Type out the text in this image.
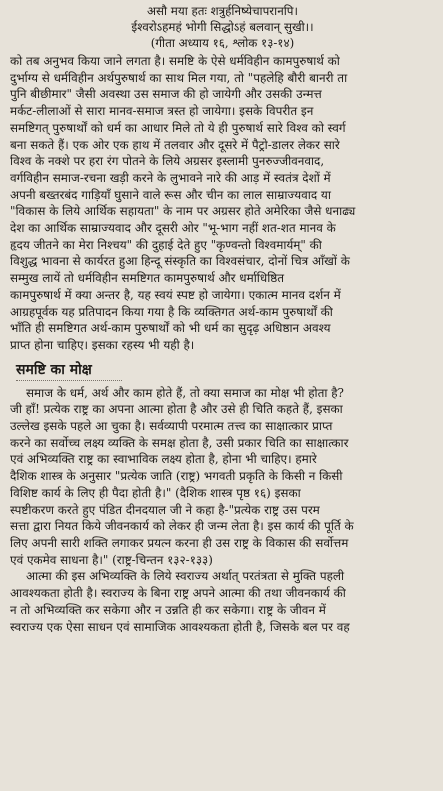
असौ मया हतः शत्रुर्हनिष्येचापरानपि।
ईश्वरोऽहमहं भोगी सिद्धोऽहं बलवान् सुखी।।
(गीता अध्याय १६, श्लोक १३-१४)

को तब अनुभव किया जाने लगता है। समष्टि के ऐसे धर्मविहीन कामपुरुषार्थ को
दुर्भाग्य से धर्मविहीन अर्थपुरुषार्थ का साथ मिल गया, तो "पहलेहि बौरी बानरी ता
पुनि बीछीमार" जैसी अवस्था उस समाज की हो जायेगी और उसकी उन्मत्त
मर्कट-लीलाओं से सारा मानव-समाज त्रस्त हो जायेगा। इसके विपरीत इन
समष्टिगत् पुरुषार्थों को धर्म का आधार मिले तो ये ही पुरुषार्थ सारे विश्व को स्वर्ग
बना सकते हैं। एक ओर एक हाथ में तलवार और दूसरे में पैट्रो-डालर लेकर सारे
विश्व के नक्शे पर हरा रंग पोतने के लिये अग्रसर इस्लामी पुनरुज्जीवनवाद,
वर्गविहीन समाज-रचना खड़ी करने के लुभावने नारे की आड़ में स्वतंत्र देशों में
अपनी बख्तरबंद गाड़ियाँ घुसाने वाले रूस और चीन का लाल साम्राज्यवाद या
"विकास के लिये आर्थिक सहायता" के नाम पर अग्रसर होते अमेरिका जैसे धनाढ्य
देश का आर्थिक साम्राज्यवाद और दूसरी ओर "भू-भाग नहीं शत-शत मानव के
हृदय जीतने का मेरा निश्चय" की दुहाई देते हुए "कृण्वन्तो विश्वमार्यम्" की
विशुद्ध भावना से कार्यरत हुआ हिन्दू संस्कृति का विश्वसंचार, दोनों चित्र आँखों के
सम्मुख लायें तो धर्मविहीन समष्टिगत कामपुरुषार्थ और धर्माधिष्ठित
कामपुरुषार्थ में क्या अन्तर है, यह स्वयं स्पष्ट हो जायेगा। एकात्म मानव दर्शन में
आग्रहपूर्वक यह प्रतिपादन किया गया है कि व्यक्तिगत अर्थ-काम पुरुषार्थों की
भाँति ही समष्टिगत अर्थ-काम पुरुषार्थों को भी धर्म का सुदृढ़ अधिष्ठान अवश्य
प्राप्त होना चाहिए। इसका रहस्य भी यही है।

समष्टि का मोक्ष

समाज के धर्म, अर्थ और काम होते हैं, तो क्या समाज का मोक्ष भी होता है?
जी हाँ! प्रत्येक राष्ट्र का अपना आत्मा होता है और उसे ही चिति कहते हैं, इसका
उल्लेख इसके पहले आ चुका है। सर्वव्यापी परमात्म तत्त्व का साक्षात्कार प्राप्त
करने का सर्वोच्च लक्ष्य व्यक्ति के समक्ष होता है, उसी प्रकार चिति का साक्षात्कार
एवं अभिव्यक्ति राष्ट्र का स्वाभाविक लक्ष्य होता है, होना भी चाहिए। हमारे
दैशिक शास्त्र के अनुसार "प्रत्येक जाति (राष्ट्र) भगवती प्रकृति के किसी न किसी
विशिष्ट कार्य के लिए ही पैदा होती है।" (दैशिक शास्त्र पृष्ठ १६) इसका
स्पष्टीकरण करते हुए पंडित दीनदयाल जी ने कहा है-"प्रत्येक राष्ट्र उस परम
सत्ता द्वारा नियत किये जीवनकार्य को लेकर ही जन्म लेता है। इस कार्य की पूर्ति के
लिए अपनी सारी शक्ति लगाकर प्रयत्न करना ही उस राष्ट्र के विकास की सर्वोत्तम
एवं एकमेव साधना है।" (राष्ट्र-चिन्तन १३२-१३३)

आत्मा की इस अभिव्यक्ति के लिये स्वराज्य अर्थात् परतंत्रता से मुक्ति पहली
आवश्यकता होती है। स्वराज्य के बिना राष्ट्र अपने आत्मा की तथा जीवनकार्य की
न तो अभिव्यक्ति कर सकेगा और न उन्नति ही कर सकेगा। राष्ट्र के जीवन में
स्वराज्य एक ऐसा साधन एवं सामाजिक आवश्यकता होती है, जिसके बल पर वह
